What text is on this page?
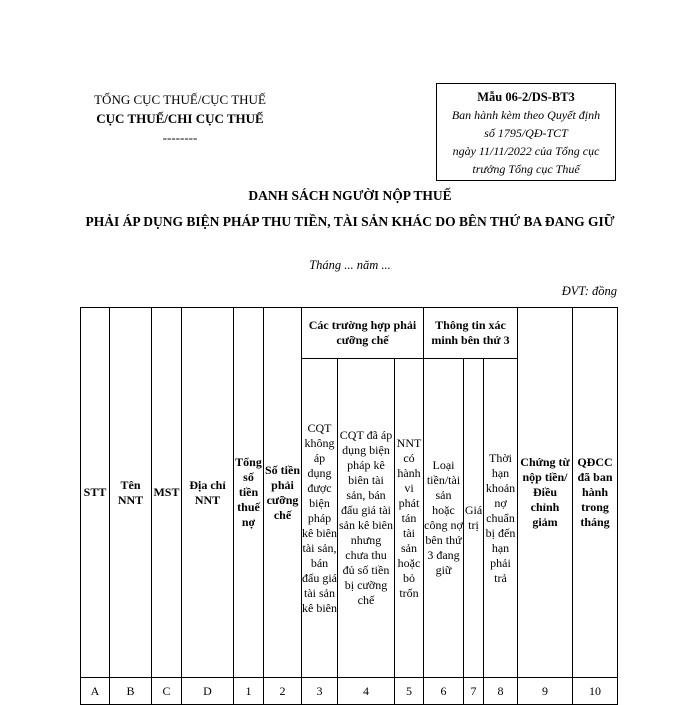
TỔNG CỤC THUẾ/CỤC THUẾ
CỤC THUẾ/CHI CỤC THUẾ
--------
Mẫu 06-2/DS-BT3
Ban hành kèm theo Quyết định
số 1795/QĐ-TCT
ngày 11/11/2022 của Tổng cục
trưởng Tổng cục Thuế
DANH SÁCH NGƯỜI NỘP THUẾ
PHẢI ÁP DỤNG BIỆN PHÁP THU TIỀN, TÀI SẢN KHÁC DO BÊN THỨ BA ĐANG GIỮ
Tháng ... năm ...
ĐVT: đồng
STT	Tên NNT	MST	Địa chỉ NNT	Tổng số tiền thuế nợ	Số tiền phải cưỡng chế	Các trường hợp phải cưỡng chế			Thông tin xác minh bên thứ 3			Chứng từ nộp tiền/Điều chỉnh giảm	QĐCC đã ban hành trong tháng
						CQT không áp dụng được biện pháp kê biên tài sản, bán đấu giá tài sản kê biên	CQT đã áp dụng biện pháp kê biên tài sản, bán đấu giá tài sản kê biên nhưng chưa thu đủ số tiền bị cưỡng chế	NNT có hành vi phát tán tài sản hoặc bỏ trốn	Loại tiền/tài sản hoặc công nợ bên thứ 3 đang giữ	Giá trị	Thời hạn khoản nợ chuẩn bị đến hạn phải trả		
A	B	C	D	1	2	3	4	5	6	7	8	9	10
